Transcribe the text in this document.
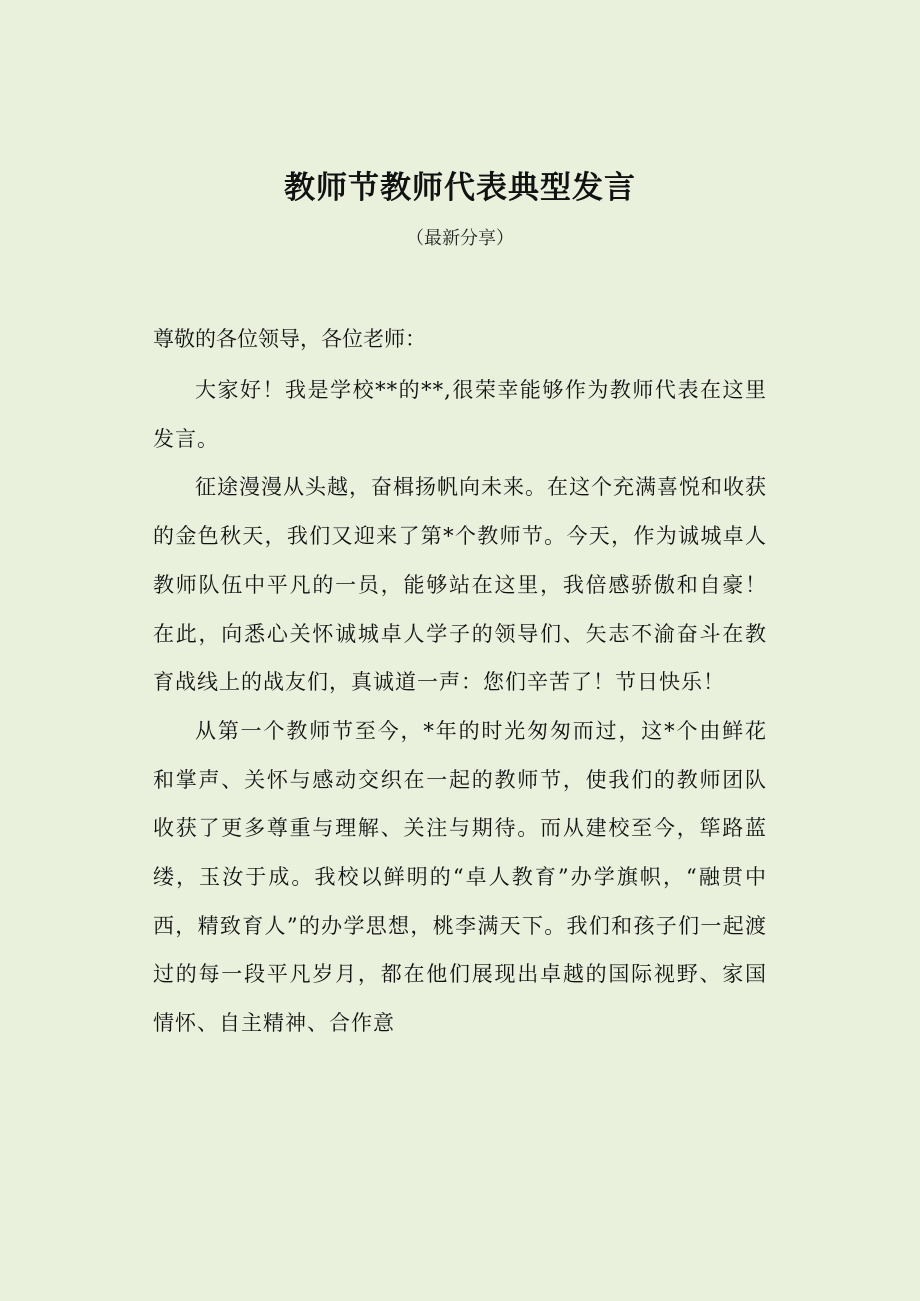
教师节教师代表典型发言
（最新分享）
尊敬的各位领导，各位老师：

大家好！我是学校**的**,很荣幸能够作为教师代表在这里发言。

征途漫漫从头越，奋楫扬帆向未来。在这个充满喜悦和收获的金色秋天，我们又迎来了第*个教师节。今天，作为诚城卓人教师队伍中平凡的一员，能够站在这里，我倍感骄傲和自豪！在此，向悉心关怀诚城卓人学子的领导们、矢志不渝奋斗在教育战线上的战友们，真诚道一声：您们辛苦了！节日快乐！

从第一个教师节至今，*年的时光匆匆而过，这*个由鲜花和掌声、关怀与感动交织在一起的教师节，使我们的教师团队收获了更多尊重与理解、关注与期待。而从建校至今，筚路蓝缕，玉汝于成。我校以鲜明的“卓人教育”办学旗帜，“融贯中西，精致育人”的办学思想，桃李满天下。我们和孩子们一起渡过的每一段平凡岁月，都在他们展现出卓越的国际视野、家国情怀、自主精神、合作意
